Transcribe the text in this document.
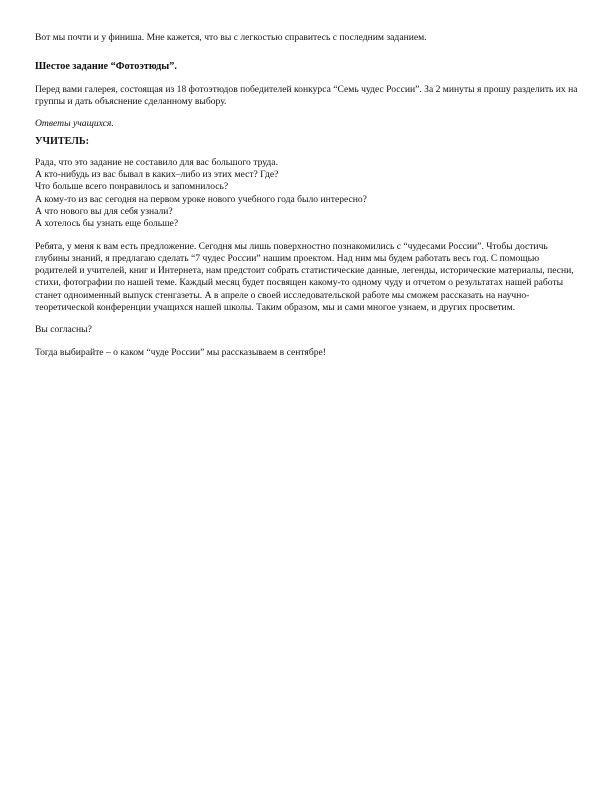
Вот мы почти и у финиша. Мне кажется, что вы с легкостью справитесь с последним заданием.

Шестое задание “Фотоэтюды”.

Перед вами галерея, состоящая из 18 фотоэтюдов победителей конкурса “Семь чудес России”. За 2 минуты я прошу разделить их на группы и дать объяснение сделанному выбору.

Ответы учащихся.

УЧИТЕЛЬ:

Рада, что это задание не составило для вас большого труда.
А кто-нибудь из вас бывал в каких–либо из этих мест? Где?
Что больше всего понравилось и запомнилось?
А кому-то из вас сегодня на первом уроке нового учебного года было интересно?
А что нового вы для себя узнали?
А хотелось бы узнать еще больше?

Ребята, у меня к вам есть предложение. Сегодня мы лишь поверхностно познакомились с “чудесами России”. Чтобы достичь глубины знаний, я предлагаю сделать “7 чудес России” нашим проектом. Над ним мы будем работать весь год. С помощью родителей и учителей, книг и Интернета, нам предстоит собрать статистические данные, легенды, исторические материалы, песни, стихи, фотографии по нашей теме. Каждый месяц будет посвящен какому-то одному чуду и отчетом о результатах нашей работы станет одноименный выпуск стенгазеты. А в апреле о своей исследовательской работе мы сможем рассказать на научно-теоретической конференции учащихся нашей школы. Таким образом, мы и сами многое узнаем, и других просветим.

Вы согласны?

Тогда выбирайте – о каком “чуде России” мы рассказываем в сентябре!
